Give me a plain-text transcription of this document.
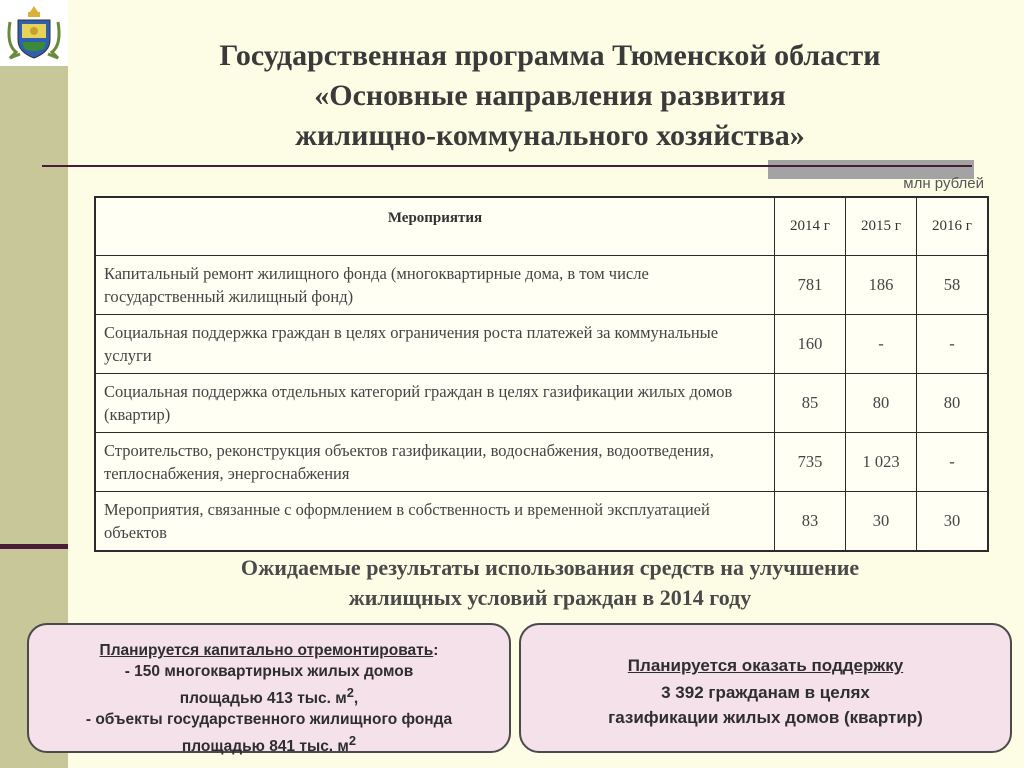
Государственная программа Тюменской области
«Основные направления развития
жилищно-коммунального хозяйства»
млн рублей
Мероприятия	2014 г	2015 г	2016 г
Капитальный ремонт жилищного фонда (многоквартирные дома, в том числе государственный жилищный фонд)	781	186	58
Социальная поддержка граждан в целях ограничения роста платежей за коммунальные услуги	160	-	-
Социальная поддержка отдельных категорий граждан в целях газификации жилых домов (квартир)	85	80	80
Строительство, реконструкция объектов газификации, водоснабжения, водоотведения, теплоснабжения, энергоснабжения	735	1 023	-
Мероприятия, связанные с оформлением в собственность и временной эксплуатацией объектов	83	30	30
Ожидаемые результаты использования средств на улучшение
жилищных условий граждан в 2014 году
Планируется капитально отремонтировать:
- 150 многоквартирных жилых домов
площадью 413 тыс. $м^2$,
- объекты государственного жилищного фонда
площадью 841 тыс. $м^2$
Планируется оказать поддержку
3 392 гражданам в целях
газификации жилых домов (квартир)
